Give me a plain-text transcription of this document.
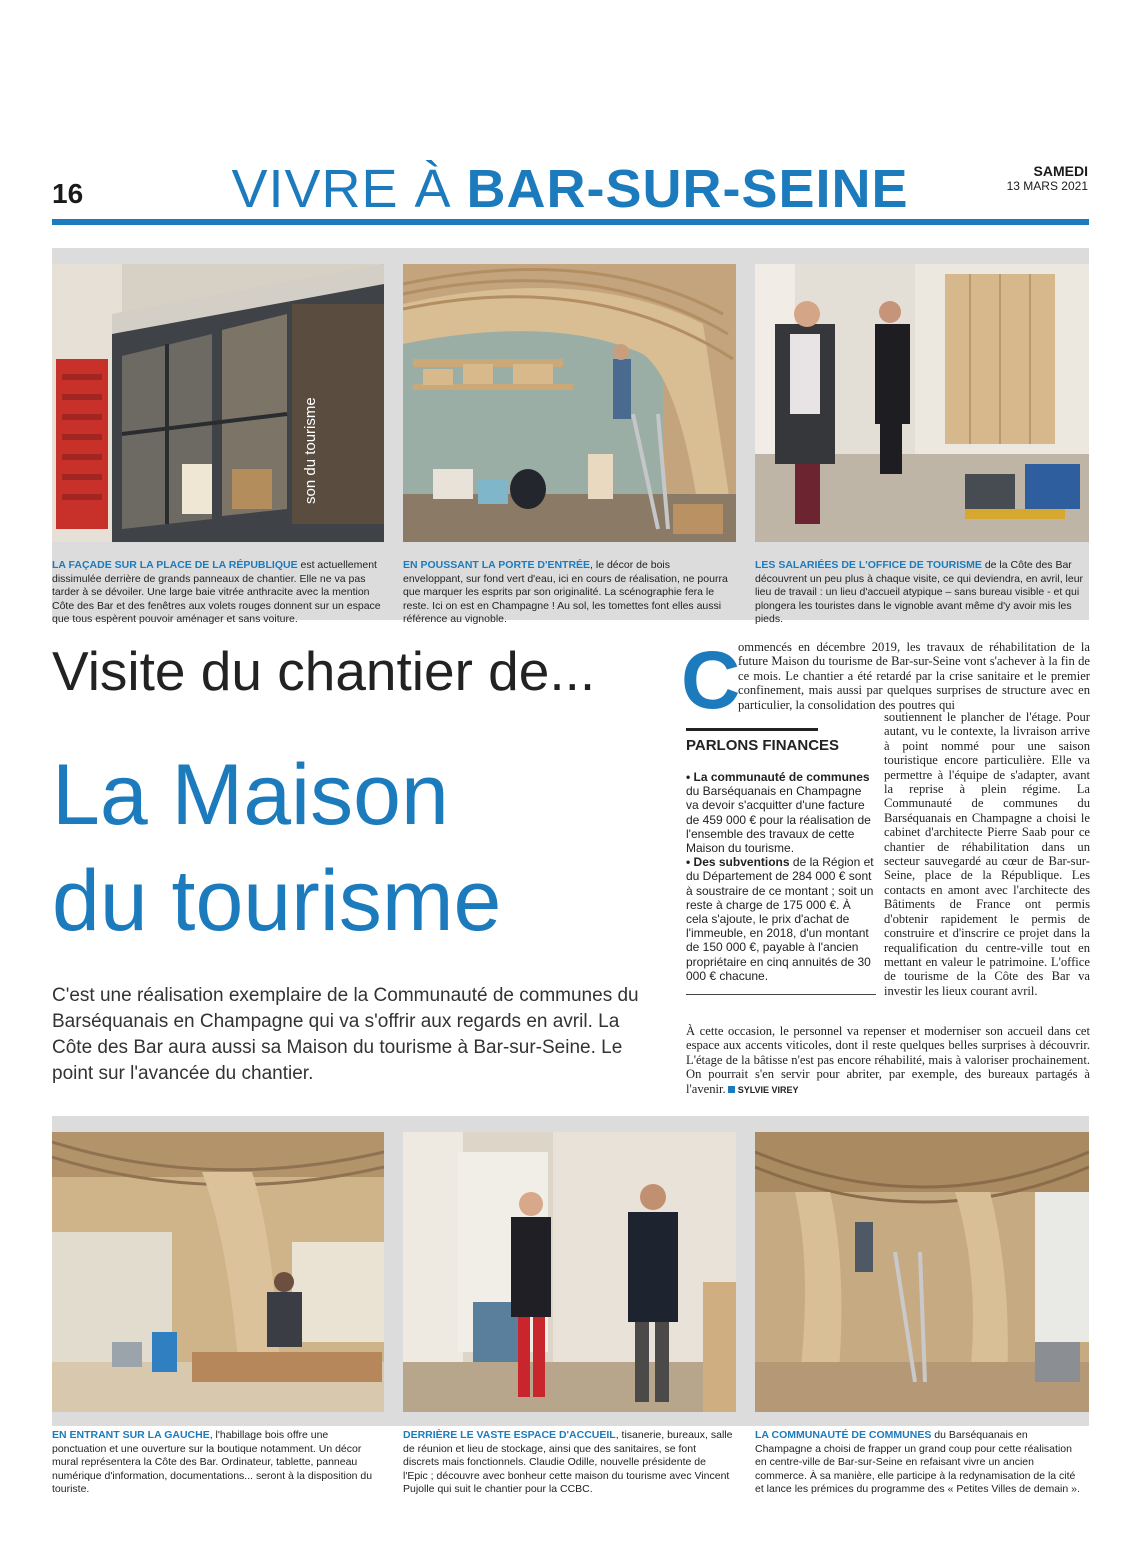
16	VIVRE À BAR-SUR-SEINE	SAMEDI
13 MARS 2021
son du tourisme
LA FAÇADE SUR LA PLACE DE LA RÉPUBLIQUE est actuellement dissimulée derrière de grands panneaux de chantier. Elle ne va pas tarder à se dévoiler. Une large baie vitrée anthracite avec la mention Côte des Bar et des fenêtres aux volets rouges donnent sur un espace que tous espèrent pouvoir aménager et sans voiture.
EN POUSSANT LA PORTE D'ENTRÉE, le décor de bois enveloppant, sur fond vert d'eau, ici en cours de réalisation, ne pourra que marquer les esprits par son originalité. La scénographie fera le reste. Ici on est en Champagne ! Au sol, les tomettes font elles aussi référence au vignoble.
LES SALARIÉES DE L'OFFICE DE TOURISME de la Côte des Bar découvrent un peu plus à chaque visite, ce qui deviendra, en avril, leur lieu de travail : un lieu d'accueil atypique – sans bureau visible - et qui plongera les touristes dans le vignoble avant même d'y avoir mis les pieds.
Visite du chantier de...
La Maison
du tourisme
C'est une réalisation exemplaire de la Communauté de communes du Barséquanais en Champagne qui va s'offrir aux regards en avril. La Côte des Bar aura aussi sa Maison du tourisme à Bar-sur-Seine. Le point sur l'avancée du chantier.
C
ommencés en décembre 2019, les travaux de réhabilitation de la future Maison du tourisme de Bar-sur-Seine vont s'achever à la fin de ce mois. Le chantier a été retardé par la crise sanitaire et le premier confinement, mais aussi par quelques surprises de structure avec en particulier, la consolidation des poutres qui
soutiennent le plancher de l'étage. Pour autant, vu le contexte, la livraison arrive à point nommé pour une saison touristique encore particulière. Elle va permettre à l'équipe de s'adapter, avant la reprise à plein régime. La Communauté de communes du Barséquanais en Champagne a choisi le cabinet d'architecte Pierre Saab pour ce chantier de réhabilitation dans un secteur sauvegardé au cœur de Bar-sur-Seine, place de la République. Les contacts en amont avec l'architecte des Bâtiments de France ont permis d'obtenir rapidement le permis de construire et d'inscrire ce projet dans la requalification du centre-ville tout en mettant en valeur le patrimoine. L'office de tourisme de la Côte des Bar va investir les lieux courant avril.
À cette occasion, le personnel va repenser et moderniser son accueil dans cet espace aux accents viticoles, dont il reste quelques belles surprises à découvrir. L'étage de la bâtisse n'est pas encore réhabilité, mais à valoriser prochainement. On pourrait s'en servir pour abriter, par exemple, des bureaux partagés à l'avenir. SYLVIE VIREY
PARLONS FINANCES
• La communauté de communes du Barséquanais en Champagne va devoir s'acquitter d'une facture de 459 000 € pour la réalisation de l'ensemble des travaux de cette Maison du tourisme.
• Des subventions de la Région et du Département de 284 000 € sont à soustraire de ce montant ; soit un reste à charge de 175 000 €. À cela s'ajoute, le prix d'achat de l'immeuble, en 2018, d'un montant de 150 000 €, payable à l'ancien propriétaire en cinq annuités de 30 000 € chacune.
EN ENTRANT SUR LA GAUCHE, l'habillage bois offre une ponctuation et une ouverture sur la boutique notamment. Un décor mural représentera la Côte des Bar. Ordinateur, tablette, panneau numérique d'information, documentations... seront à la disposition du touriste.
DERRIÈRE LE VASTE ESPACE D'ACCUEIL, tisanerie, bureaux, salle de réunion et lieu de stockage, ainsi que des sanitaires, se font discrets mais fonctionnels. Claudie Odille, nouvelle présidente de l'Epic ; découvre avec bonheur cette maison du tourisme avec Vincent Pujolle qui suit le chantier pour la CCBC.
LA COMMUNAUTÉ DE COMMUNES du Barséquanais en Champagne a choisi de frapper un grand coup pour cette réalisation en centre-ville de Bar-sur-Seine en refaisant vivre un ancien commerce. À sa manière, elle participe à la redynamisation de la cité et lance les prémices du programme des « Petites Villes de demain ».
